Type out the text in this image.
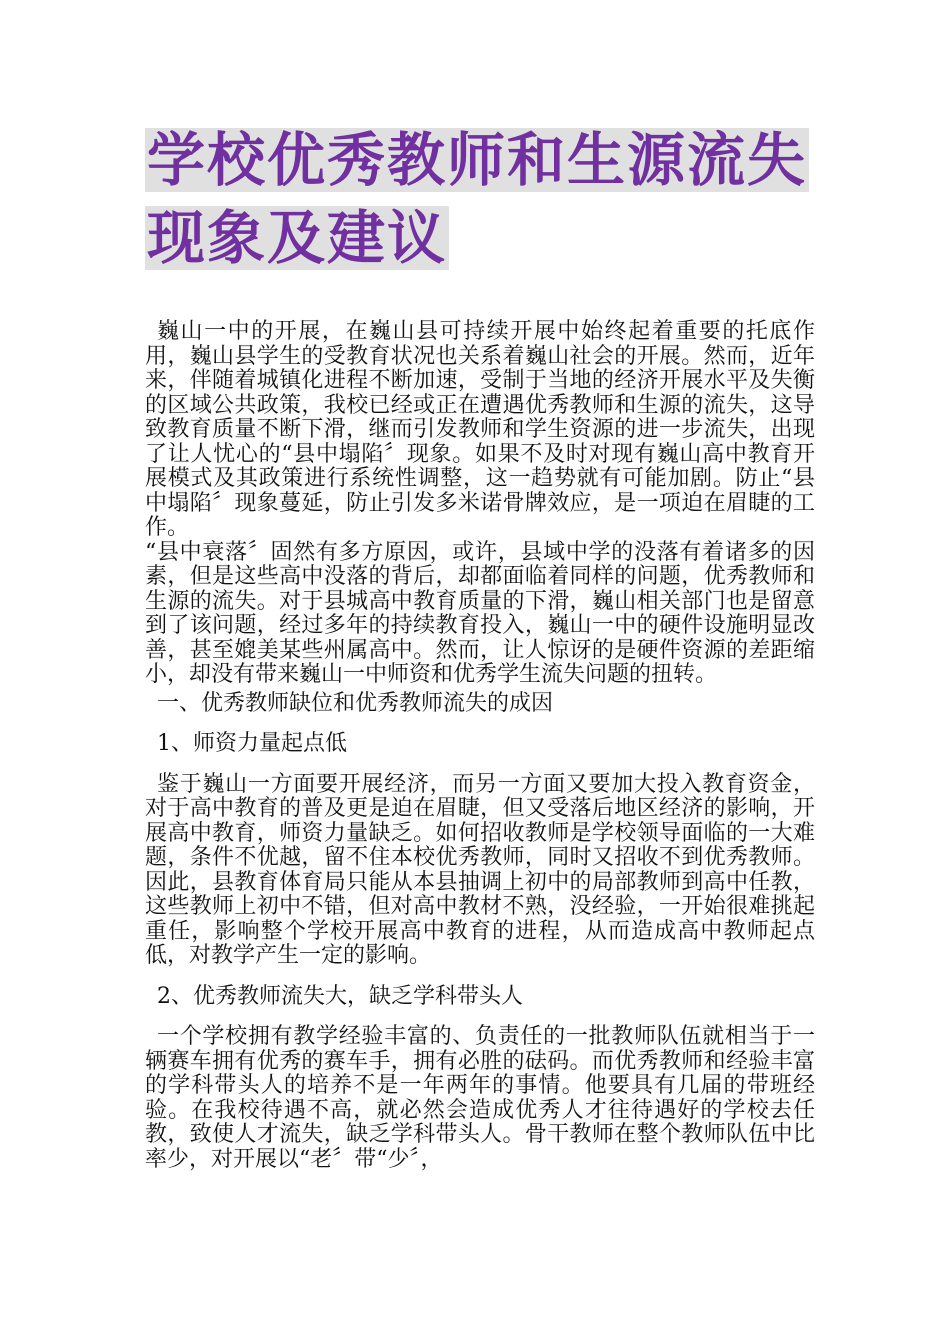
学校优秀教师和生源流失
现象及建议

巍山一中的开展，在巍山县可持续开展中始终起着重要的托底作用，巍山县学生的受教育状况也关系着巍山社会的开展。然而，近年来，伴随着城镇化进程不断加速，受制于当地的经济开展水平及失衡的区域公共政策，我校已经或正在遭遇优秀教师和生源的流失，这导致教育质量不断下滑，继而引发教师和学生资源的进一步流失，出现了让人忧心的“县中塌陷〞现象。如果不及时对现有巍山高中教育开展模式及其政策进行系统性调整，这一趋势就有可能加剧。防止“县中塌陷〞现象蔓延，防止引发多米诺骨牌效应，是一项迫在眉睫的工作。

“县中衰落〞固然有多方原因，或许，县域中学的没落有着诸多的因素，但是这些高中没落的背后，却都面临着同样的问题，优秀教师和生源的流失。对于县城高中教育质量的下滑，巍山相关部门也是留意到了该问题，经过多年的持续教育投入，巍山一中的硬件设施明显改善，甚至媲美某些州属高中。然而，让人惊讶的是硬件资源的差距缩小，却没有带来巍山一中师资和优秀学生流失问题的扭转。

一、优秀教师缺位和优秀教师流失的成因

1、师资力量起点低

鉴于巍山一方面要开展经济，而另一方面又要加大投入教育资金，对于高中教育的普及更是迫在眉睫，但又受落后地区经济的影响，开展高中教育，师资力量缺乏。如何招收教师是学校领导面临的一大难题，条件不优越，留不住本校优秀教师，同时又招收不到优秀教师。因此，县教育体育局只能从本县抽调上初中的局部教师到高中任教，这些教师上初中不错，但对高中教材不熟，没经验，一开始很难挑起重任，影响整个学校开展高中教育的进程，从而造成高中教师起点低，对教学产生一定的影响。

2、优秀教师流失大，缺乏学科带头人

一个学校拥有教学经验丰富的、负责任的一批教师队伍就相当于一辆赛车拥有优秀的赛车手，拥有必胜的砝码。而优秀教师和经验丰富的学科带头人的培养不是一年两年的事情。他要具有几届的带班经验。在我校待遇不高，就必然会造成优秀人才往待遇好的学校去任教，致使人才流失，缺乏学科带头人。骨干教师在整个教师队伍中比率少，对开展以“老〞带“少〞，
